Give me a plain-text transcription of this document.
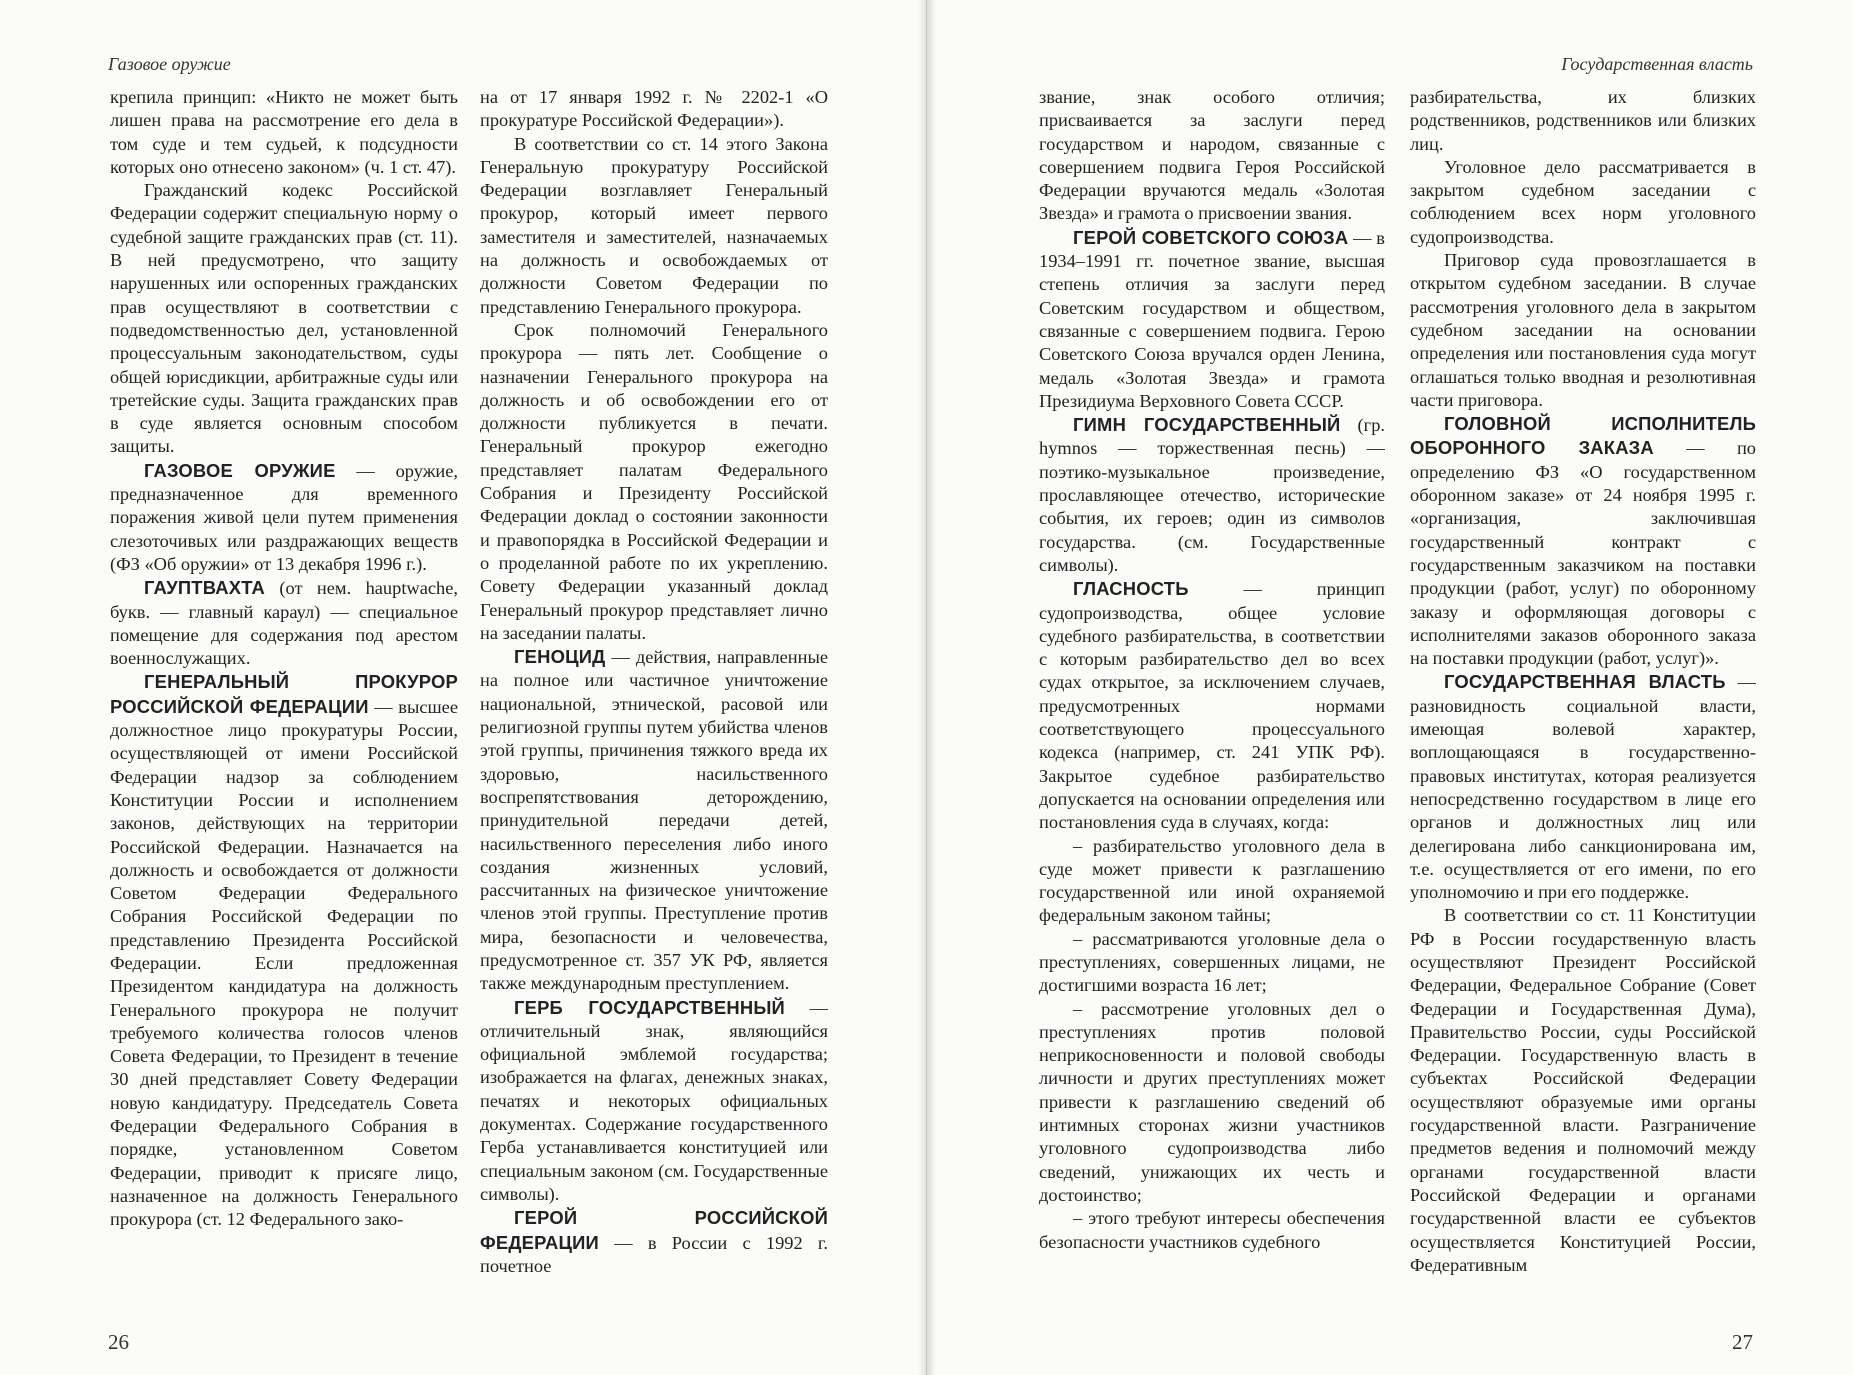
Газовое оружие

крепила принцип: «Никто не может быть лишен права на рассмотрение его дела в том суде и тем судьей, к подсудности которых оно отнесено законом» (ч. 1 ст. 47).

Гражданский кодекс Российской Федерации содержит специальную норму о судебной защите гражданских прав (ст. 11). В ней предусмотрено, что защиту нарушенных или оспоренных гражданских прав осуществляют в соответствии с подведомственностью дел, установленной процессуальным законодательством, суды общей юрисдикции, арбитражные суды или третейские суды. Защита гражданских прав в суде является основным способом защиты.

ГАЗОВОЕ ОРУЖИЕ — оружие, предназначенное для временного поражения живой цели путем применения слезоточивых или раздражающих веществ (ФЗ «Об оружии» от 13 декабря 1996 г.).

ГАУПТВАХТА (от нем. hauptwache, букв. — главный караул) — специальное помещение для содержания под арестом военнослужащих.

ГЕНЕРАЛЬНЫЙ ПРОКУРОР РОССИЙСКОЙ ФЕДЕРАЦИИ — высшее должностное лицо прокуратуры России, осуществляющей от имени Российской Федерации надзор за соблюдением Конституции России и исполнением законов, действующих на территории Российской Федерации. Назначается на должность и освобождается от должности Советом Федерации Федерального Собрания Российской Федерации по представлению Президента Российской Федерации. Если предложенная Президентом кандидатура на должность Генерального прокурора не получит требуемого количества голосов членов Совета Федерации, то Президент в течение 30 дней представляет Совету Федерации новую кандидатуру. Председатель Совета Федерации Федерального Собрания в порядке, установленном Советом Федерации, приводит к присяге лицо, назначенное на должность Генерального прокурора (ст. 12 Федерального зако-

на от 17 января 1992 г. № 2202-1 «О прокуратуре Российской Федерации»).

В соответствии со ст. 14 этого Закона Генеральную прокуратуру Российской Федерации возглавляет Генеральный прокурор, который имеет первого заместителя и заместителей, назначаемых на должность и освобождаемых от должности Советом Федерации по представлению Генерального прокурора.

Срок полномочий Генерального прокурора — пять лет. Сообщение о назначении Генерального прокурора на должность и об освобождении его от должности публикуется в печати. Генеральный прокурор ежегодно представляет палатам Федерального Собрания и Президенту Российской Федерации доклад о состоянии законности и правопорядка в Российской Федерации и о проделанной работе по их укреплению. Совету Федерации указанный доклад Генеральный прокурор представляет лично на заседании палаты.

ГЕНОЦИД — действия, направленные на полное или частичное уничтожение национальной, этнической, расовой или религиозной группы путем убийства членов этой группы, причинения тяжкого вреда их здоровью, насильственного воспрепятствования деторождению, принудительной передачи детей, насильственного переселения либо иного создания жизненных условий, рассчитанных на физическое уничтожение членов этой группы. Преступление против мира, безопасности и человечества, предусмотренное ст. 357 УК РФ, является также международным преступлением.

ГЕРБ ГОСУДАРСТВЕННЫЙ — отличительный знак, являющийся официальной эмблемой государства; изображается на флагах, денежных знаках, печатях и некоторых официальных документах. Содержание государственного Герба устанавливается конституцией или специальным законом (см. Государственные символы).

ГЕРОЙ РОССИЙСКОЙ ФЕДЕРАЦИИ — в России с 1992 г. почетное

26
Государственная власть

звание, знак особого отличия; присваивается за заслуги перед государством и народом, связанные с совершением подвига Героя Российской Федерации вручаются медаль «Золотая Звезда» и грамота о присвоении звания.

ГЕРОЙ СОВЕТСКОГО СОЮЗА — в 1934–1991 гг. почетное звание, высшая степень отличия за заслуги перед Советским государством и обществом, связанные с совершением подвига. Герою Советского Союза вручался орден Ленина, медаль «Золотая Звезда» и грамота Президиума Верховного Совета СССР.

ГИМН ГОСУДАРСТВЕННЫЙ (гр. hymnos — торжественная песнь) — поэтико-музыкальное произведение, прославляющее отечество, исторические события, их героев; один из символов государства. (см. Государственные символы).

ГЛАСНОСТЬ — принцип судопроизводства, общее условие судебного разбирательства, в соответствии с которым разбирательство дел во всех судах открытое, за исключением случаев, предусмотренных нормами соответствующего процессуального кодекса (например, ст. 241 УПК РФ). Закрытое судебное разбирательство допускается на основании определения или постановления суда в случаях, когда:

– разбирательство уголовного дела в суде может привести к разглашению государственной или иной охраняемой федеральным законом тайны;

– рассматриваются уголовные дела о преступлениях, совершенных лицами, не достигшими возраста 16 лет;

– рассмотрение уголовных дел о преступлениях против половой неприкосновенности и половой свободы личности и других преступлениях может привести к разглашению сведений об интимных сторонах жизни участников уголовного судопроизводства либо сведений, унижающих их честь и достоинство;

– этого требуют интересы обеспечения безопасности участников судебного

разбирательства, их близких родственников, родственников или близких лиц.

Уголовное дело рассматривается в закрытом судебном заседании с соблюдением всех норм уголовного судопроизводства.

Приговор суда провозглашается в открытом судебном заседании. В случае рассмотрения уголовного дела в закрытом судебном заседании на основании определения или постановления суда могут оглашаться только вводная и резолютивная части приговора.

ГОЛОВНОЙ ИСПОЛНИТЕЛЬ ОБОРОННОГО ЗАКАЗА — по определению ФЗ «О государственном оборонном заказе» от 24 ноября 1995 г. «организация, заключившая государственный контракт с государственным заказчиком на поставки продукции (работ, услуг) по оборонному заказу и оформляющая договоры с исполнителями заказов оборонного заказа на поставки продукции (работ, услуг)».

ГОСУДАРСТВЕННАЯ ВЛАСТЬ — разновидность социальной власти, имеющая волевой характер, воплощающаяся в государственно-правовых институтах, которая реализуется непосредственно государством в лице его органов и должностных лиц или делегирована либо санкционирована им, т.е. осуществляется от его имени, по его уполномочию и при его поддержке.

В соответствии со ст. 11 Конституции РФ в России государственную власть осуществляют Президент Российской Федерации, Федеральное Собрание (Совет Федерации и Государственная Дума), Правительство России, суды Российской Федерации. Государственную власть в субъектах Российской Федерации осуществляют образуемые ими органы государственной власти. Разграничение предметов ведения и полномочий между органами государственной власти Российской Федерации и органами государственной власти ее субъектов осуществляется Конституцией России, Федеративным

27
